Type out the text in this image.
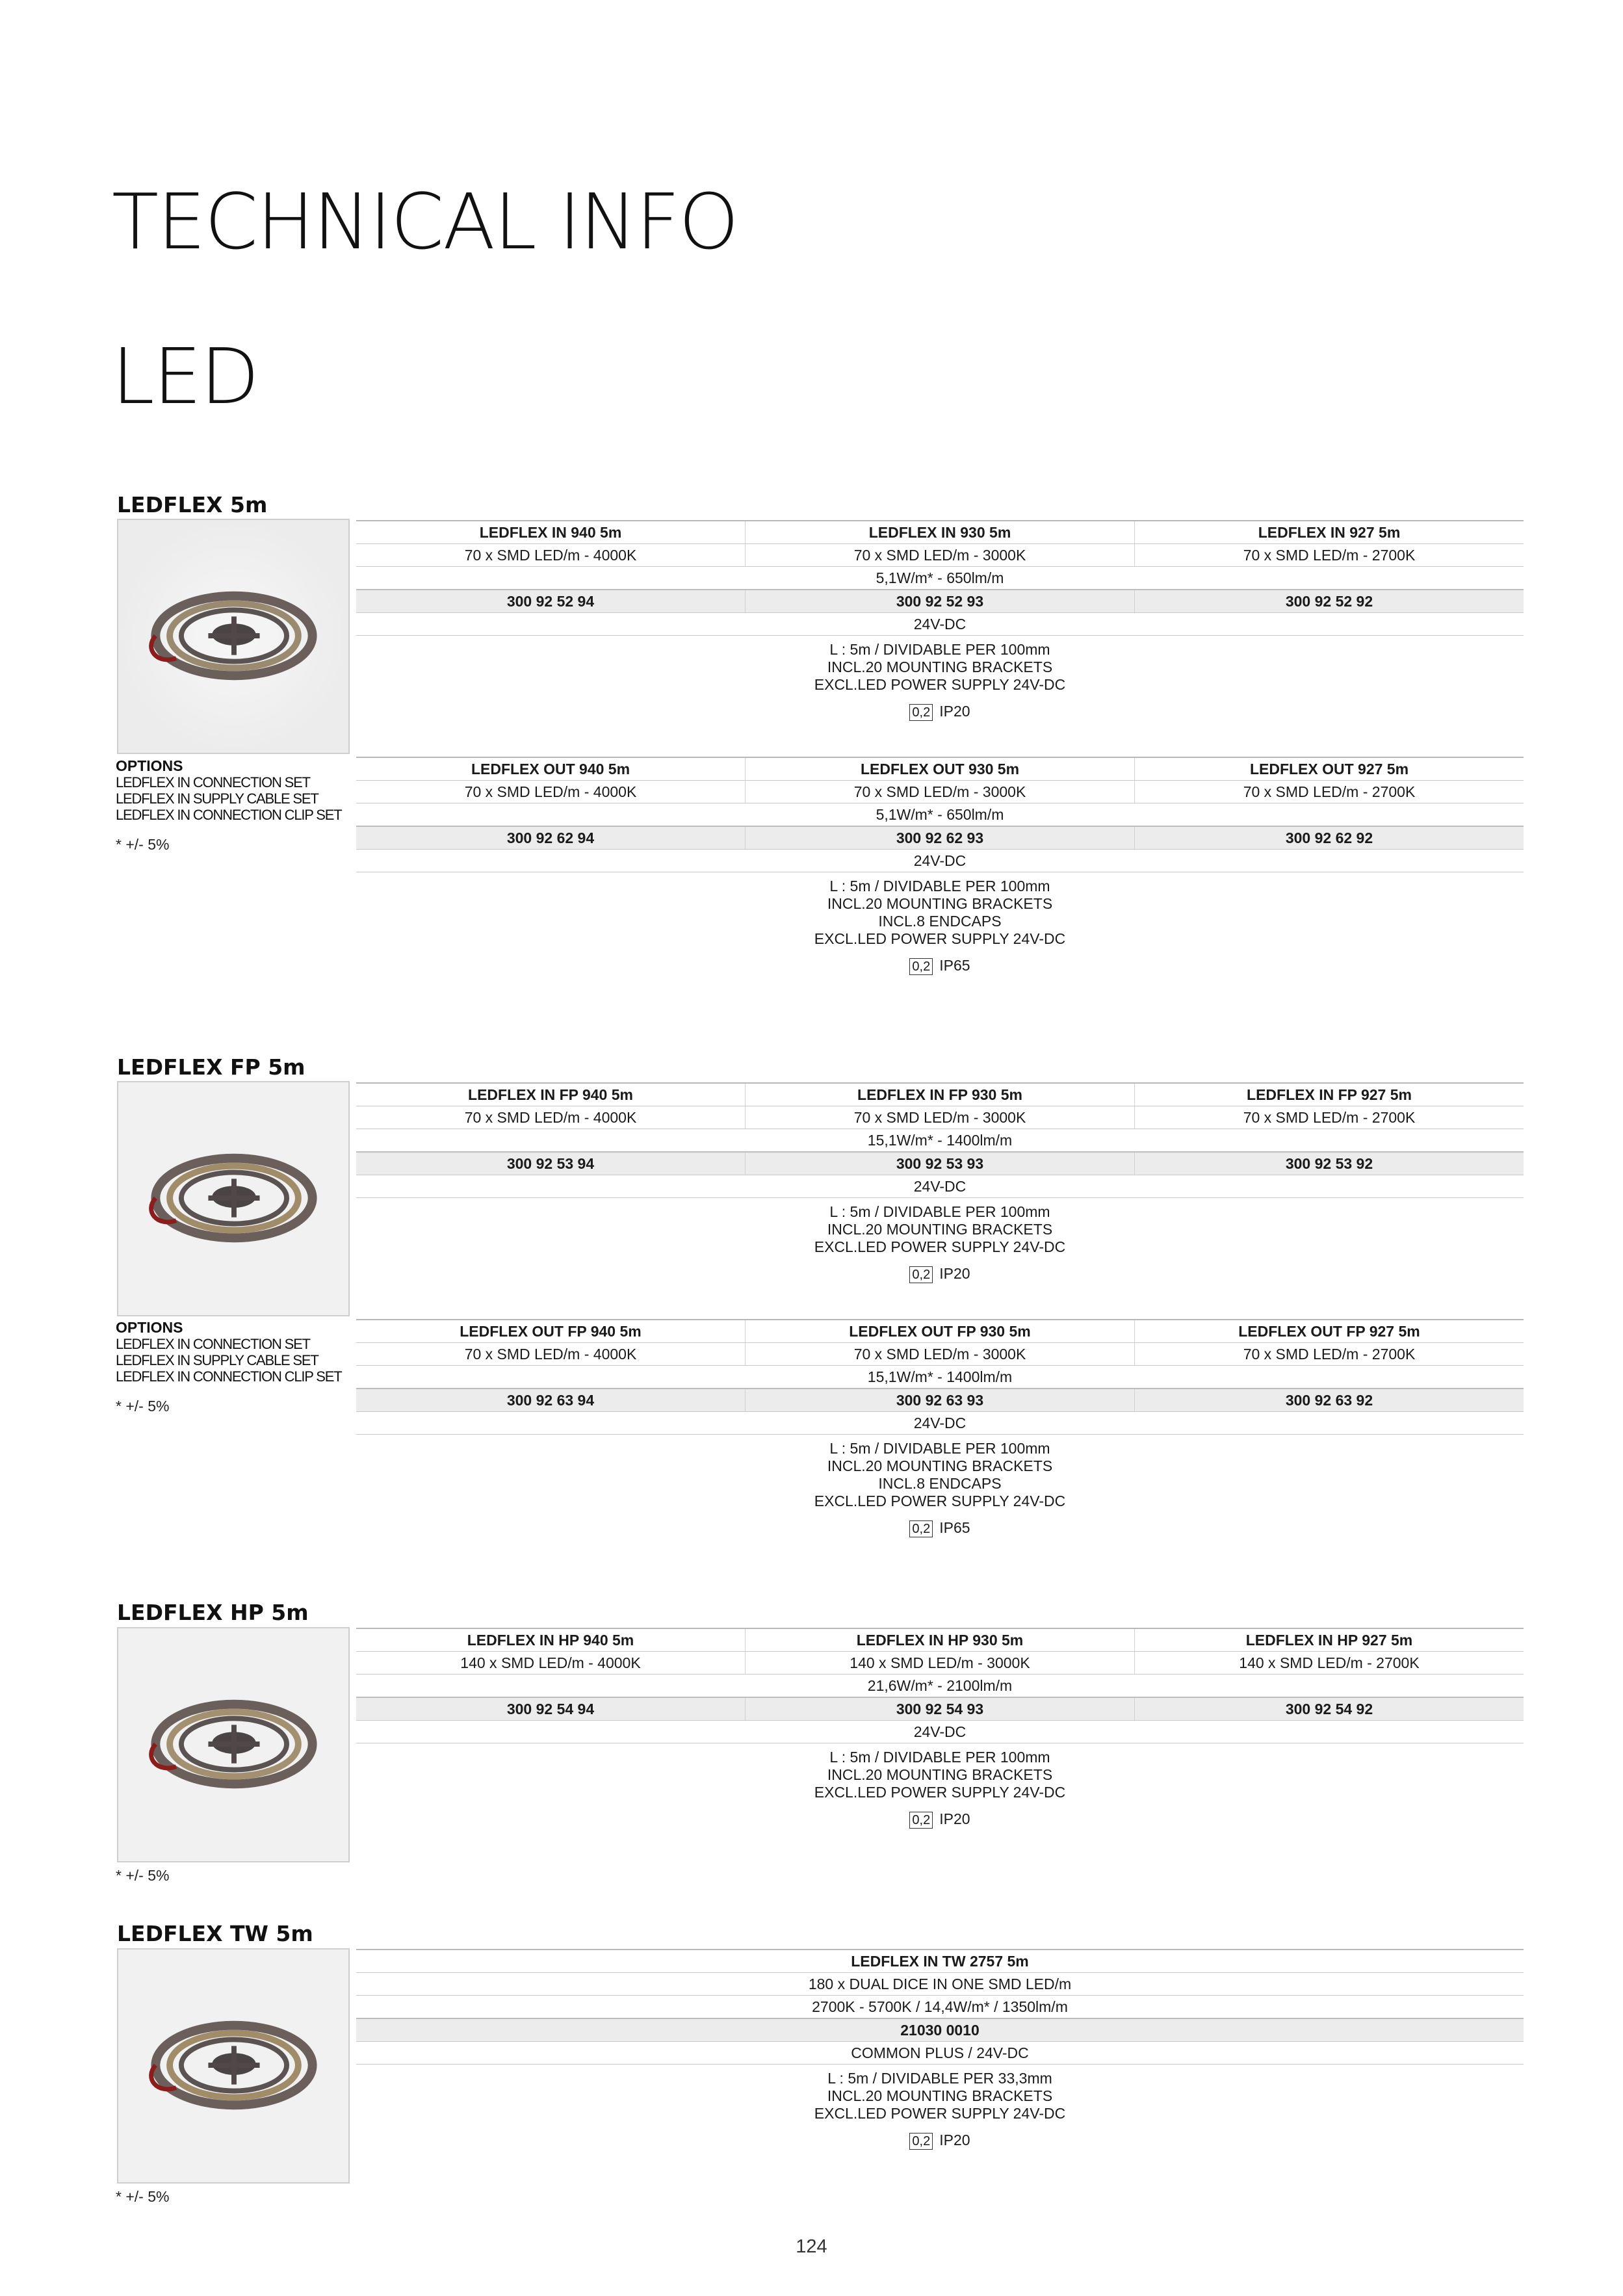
TECHNICAL INFO
LED
LEDFLEX 5m
OPTIONS
LEDFLEX IN CONNECTION SET
LEDFLEX IN SUPPLY CABLE SET
LEDFLEX IN CONNECTION CLIP SET
* +/- 5%
LEDFLEX IN 940 5m	LEDFLEX IN 930 5m	LEDFLEX IN 927 5m
70 x SMD LED/m - 4000K	70 x SMD LED/m - 3000K	70 x SMD LED/m - 2700K
5,1W/m* - 650lm/m
300 92 52 94	300 92 52 93	300 92 52 92
24V-DC
L : 5m / DIVIDABLE PER 100mm
INCL.20 MOUNTING BRACKETS
EXCL.LED POWER SUPPLY 24V-DC
0,2 IP20
LEDFLEX OUT 940 5m	LEDFLEX OUT 930 5m	LEDFLEX OUT 927 5m
70 x SMD LED/m - 4000K	70 x SMD LED/m - 3000K	70 x SMD LED/m - 2700K
5,1W/m* - 650lm/m
300 92 62 94	300 92 62 93	300 92 62 92
24V-DC
L : 5m / DIVIDABLE PER 100mm
INCL.20 MOUNTING BRACKETS
INCL.8 ENDCAPS
EXCL.LED POWER SUPPLY 24V-DC
0,2 IP65
LEDFLEX FP 5m
OPTIONS
LEDFLEX IN CONNECTION SET
LEDFLEX IN SUPPLY CABLE SET
LEDFLEX IN CONNECTION CLIP SET
* +/- 5%
LEDFLEX IN FP 940 5m	LEDFLEX IN FP 930 5m	LEDFLEX IN FP 927 5m
70 x SMD LED/m - 4000K	70 x SMD LED/m - 3000K	70 x SMD LED/m - 2700K
15,1W/m* - 1400lm/m
300 92 53 94	300 92 53 93	300 92 53 92
24V-DC
L : 5m / DIVIDABLE PER 100mm
INCL.20 MOUNTING BRACKETS
EXCL.LED POWER SUPPLY 24V-DC
0,2 IP20
LEDFLEX OUT FP 940 5m	LEDFLEX OUT FP 930 5m	LEDFLEX OUT FP 927 5m
70 x SMD LED/m - 4000K	70 x SMD LED/m - 3000K	70 x SMD LED/m - 2700K
15,1W/m* - 1400lm/m
300 92 63 94	300 92 63 93	300 92 63 92
24V-DC
L : 5m / DIVIDABLE PER 100mm
INCL.20 MOUNTING BRACKETS
INCL.8 ENDCAPS
EXCL.LED POWER SUPPLY 24V-DC
0,2 IP65
LEDFLEX HP 5m
* +/- 5%
LEDFLEX IN HP 940 5m	LEDFLEX IN HP 930 5m	LEDFLEX IN HP 927 5m
140 x SMD LED/m - 4000K	140 x SMD LED/m - 3000K	140 x SMD LED/m - 2700K
21,6W/m* - 2100lm/m
300 92 54 94	300 92 54 93	300 92 54 92
24V-DC
L : 5m / DIVIDABLE PER 100mm
INCL.20 MOUNTING BRACKETS
EXCL.LED POWER SUPPLY 24V-DC
0,2 IP20
LEDFLEX TW 5m
* +/- 5%
LEDFLEX IN TW 2757 5m
180 x DUAL DICE IN ONE SMD LED/m
2700K - 5700K / 14,4W/m* / 1350lm/m
21030 0010
COMMON PLUS / 24V-DC
L : 5m / DIVIDABLE PER 33,3mm
INCL.20 MOUNTING BRACKETS
EXCL.LED POWER SUPPLY 24V-DC
0,2 IP20
124
